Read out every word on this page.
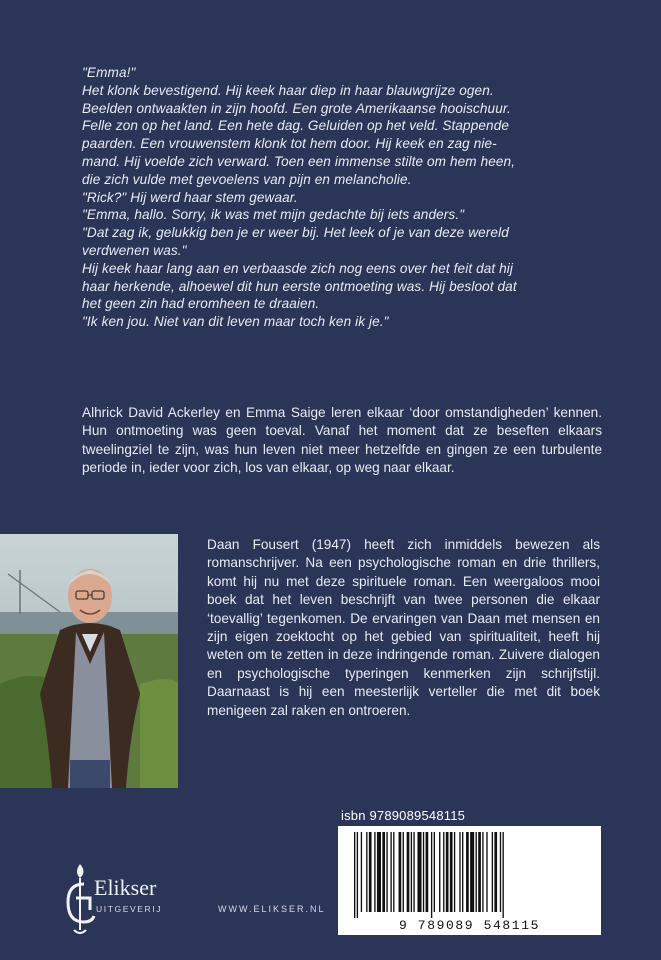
"Emma!"

Het klonk bevestigend. Hij keek haar diep in haar blauwgrijze ogen.

Beelden ontwaakten in zijn hoofd. Een grote Amerikaanse hooischuur.

Felle zon op het land. Een hete dag. Geluiden op het veld. Stappende

paarden. Een vrouwenstem klonk tot hem door. Hij keek en zag nie-

mand. Hij voelde zich verward. Toen een immense stilte om hem heen,

die zich vulde met gevoelens van pijn en melancholie.

"Rick?" Hij werd haar stem gewaar.

"Emma, hallo. Sorry, ik was met mijn gedachte bij iets anders."

"Dat zag ik, gelukkig ben je er weer bij. Het leek of je van deze wereld

verdwenen was."

Hij keek haar lang aan en verbaasde zich nog eens over het feit dat hij

haar herkende, alhoewel dit hun eerste ontmoeting was. Hij besloot dat

het geen zin had eromheen te draaien.

"Ik ken jou. Niet van dit leven maar toch ken ik je."

Alhrick David Ackerley en Emma Saige leren elkaar ‘door omstandigheden’ kennen. Hun ontmoeting was geen toeval. Vanaf het moment dat ze beseften elkaars tweelingziel te zijn, was hun leven niet meer hetzelfde en gingen ze een turbulente periode in, ieder voor zich, los van elkaar, op weg naar elkaar.

Daan Fousert (1947) heeft zich inmiddels bewezen als romanschrijver. Na een psychologische roman en drie thrillers, komt hij nu met deze spirituele roman. Een weergaloos mooi boek dat het leven beschrijft van twee personen die elkaar ‘toevallig’ tegenkomen. De ervaringen van Daan met mensen en zijn eigen zoektocht op het gebied van spiritualiteit, heeft hij weten om te zetten in deze indringende roman. Zuivere dialogen en psychologische typeringen kenmerken zijn schrijfstijl. Daarnaast is hij een meesterlijk verteller die met dit boek menigeen zal raken en ontroeren.

isbn 9789089548115
9 789089 548115
Elikser
UITGEVERIJ	WWW.ELIKSER.NL
